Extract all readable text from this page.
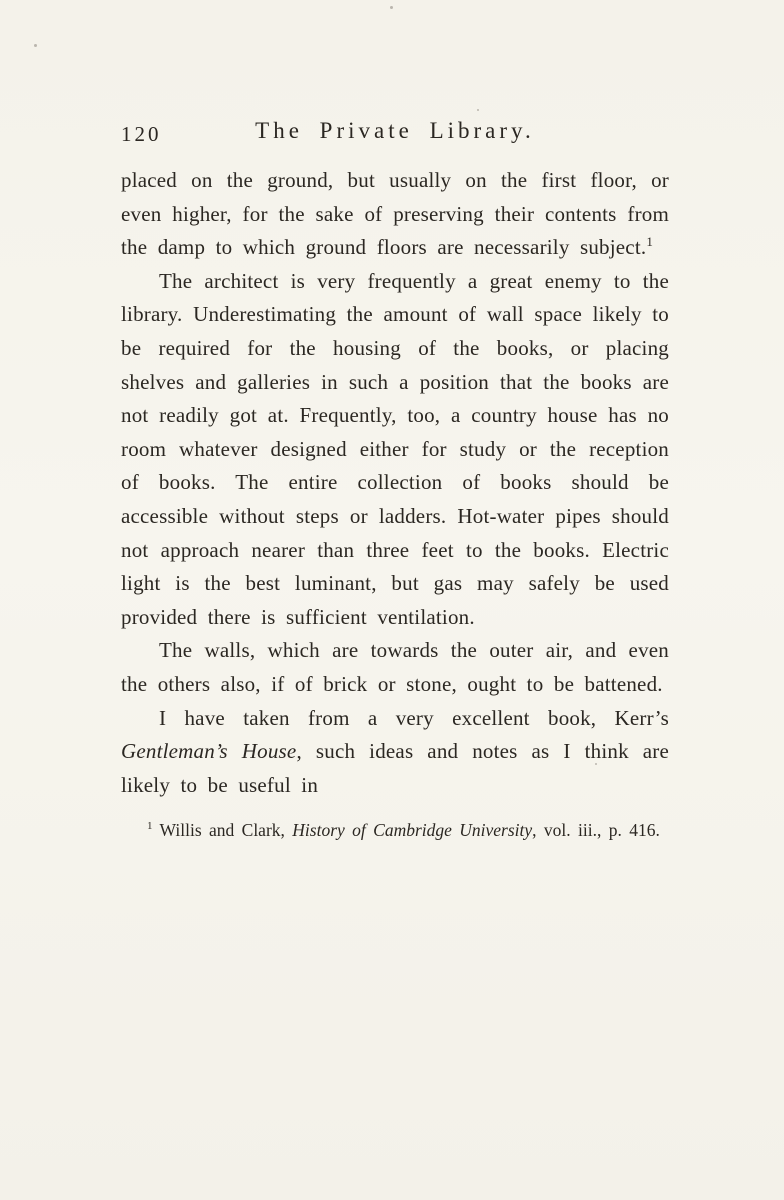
120	The Private Library.

placed on the ground, but usually on the first floor, or even higher, for the sake of preserving their contents from the damp to which ground floors are necessarily subject.$^1$

The architect is very frequently a great enemy to the library. Underestimating the amount of wall space likely to be required for the housing of the books, or placing shelves and galleries in such a position that the books are not readily got at. Frequently, too, a country house has no room whatever designed either for study or the reception of books. The entire collection of books should be accessible without steps or ladders. Hot-water pipes should not approach nearer than three feet to the books. Electric light is the best luminant, but gas may safely be used provided there is sufficient ventilation.

The walls, which are towards the outer air, and even the others also, if of brick or stone, ought to be battened.

I have taken from a very excellent book, Kerr’s Gentleman’s House, such ideas and notes as I think are likely to be useful in

$^1$ Willis and Clark, History of Cambridge University, vol. iii., p. 416.
